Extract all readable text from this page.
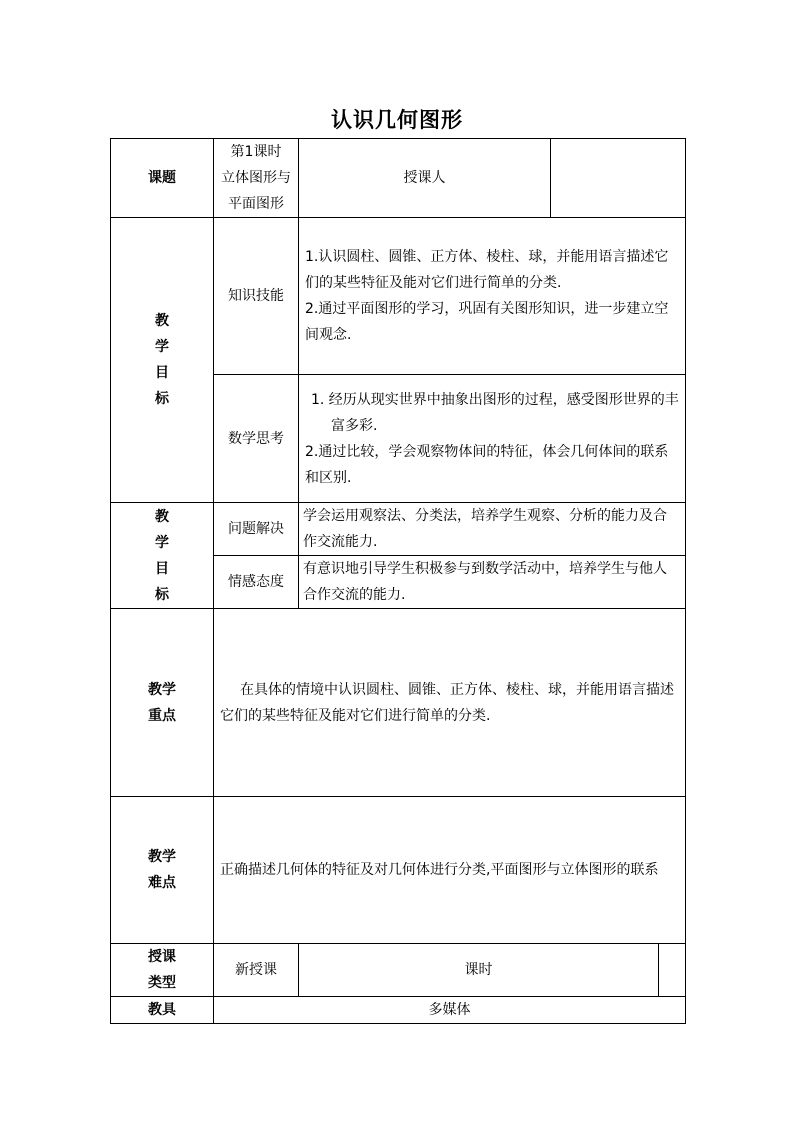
认识几何图形
课题	第1课时
立体图形与
平面图形	授课人		

教
学
目
标	知识技能	1.认识圆柱、圆锥、正方体、棱柱、球，并能用语言描述它们的某些特征及能对它们进行简单的分类.
2.通过平面图形的学习，巩固有关图形知识，进一步建立空间观念.		

	数学思考	1. 经历从现实世界中抽象出图形的过程，感受图形世界的丰富多彩.
2.通过比较，学会观察物体间的特征，体会几何体间的联系和区别.		

教
学
目
标	问题解决	学会运用观察法、分类法，培养学生观察、分析的能力及合作交流能力.		
	情感态度	有意识地引导学生积极参与到数学活动中，培养学生与他人合作交流的能力.		

教学
重点	在具体的情境中认识圆柱、圆锥、正方体、棱柱、球，并能用语言描述它们的某些特征及能对它们进行简单的分类.			

教学
难点	正确描述几何体的特征及对几何体进行分类,平面图形与立体图形的联系			

授课
类型	新授课	课时		
教具	多媒体			
